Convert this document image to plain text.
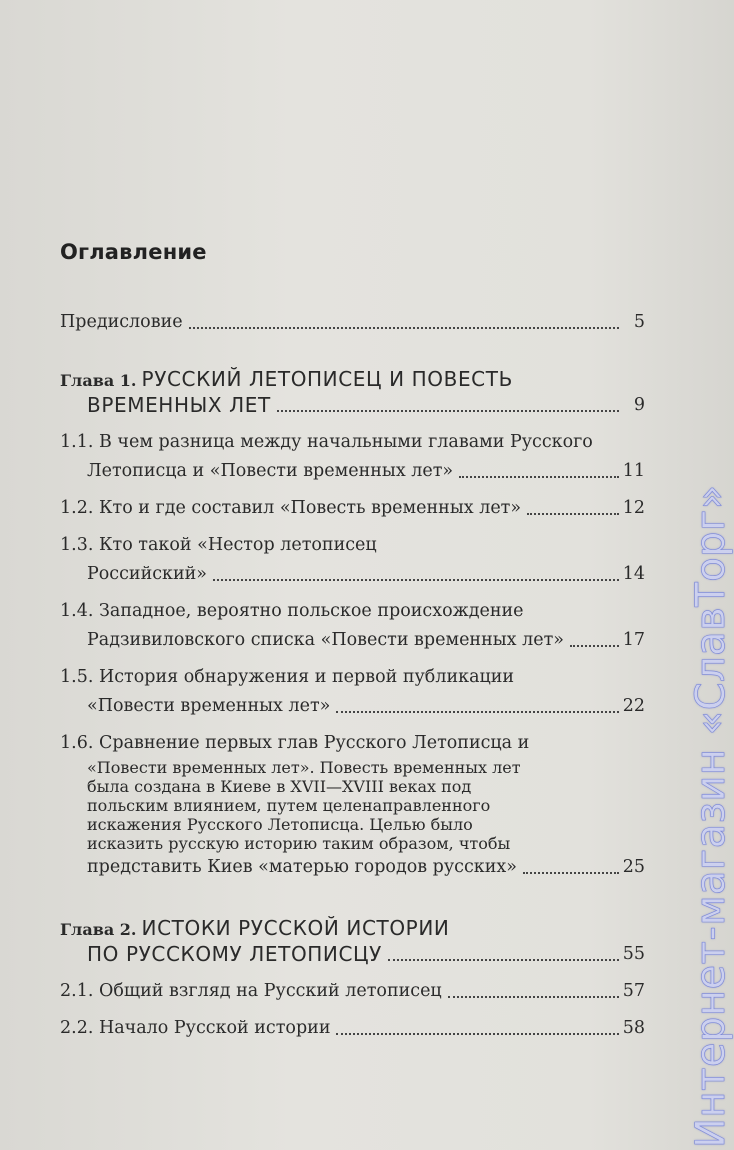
Оглавление
Предисловие	5
Глава 1. РУССКИЙ ЛЕТОПИСЕЦ И ПОВЕСТЬ
ВРЕМЕННЫХ ЛЕТ	9
1.1. В чем разница между начальными главами Русского
Летописца и «Повести временных лет»	11
1.2. Кто и где составил «Повесть временных лет»	12
1.3. Кто такой «Нестор летописец
Российский»	14
1.4. Западное, вероятно польское происхождение
Радзивиловского списка «Повести временных лет»	17
1.5. История обнаружения и первой публикации
«Повести временных лет»	22
1.6. Сравнение первых глав Русского Летописца и
«Повести временных лет». Повесть временных лет
была создана в Киеве в XVII—XVIII веках под
польским влиянием, путем целенаправленного
искажения Русского Летописца. Целью было
исказить русскую историю таким образом, чтобы
представить Киев «матерью городов русских»	25
Глава 2. ИСТОКИ РУССКОЙ ИСТОРИИ
ПО РУССКОМУ ЛЕТОПИСЦУ	55
2.1. Общий взгляд на Русский летописец	57
2.2. Начало Русской истории	58 Интернет-магазин «СлавТорг»
